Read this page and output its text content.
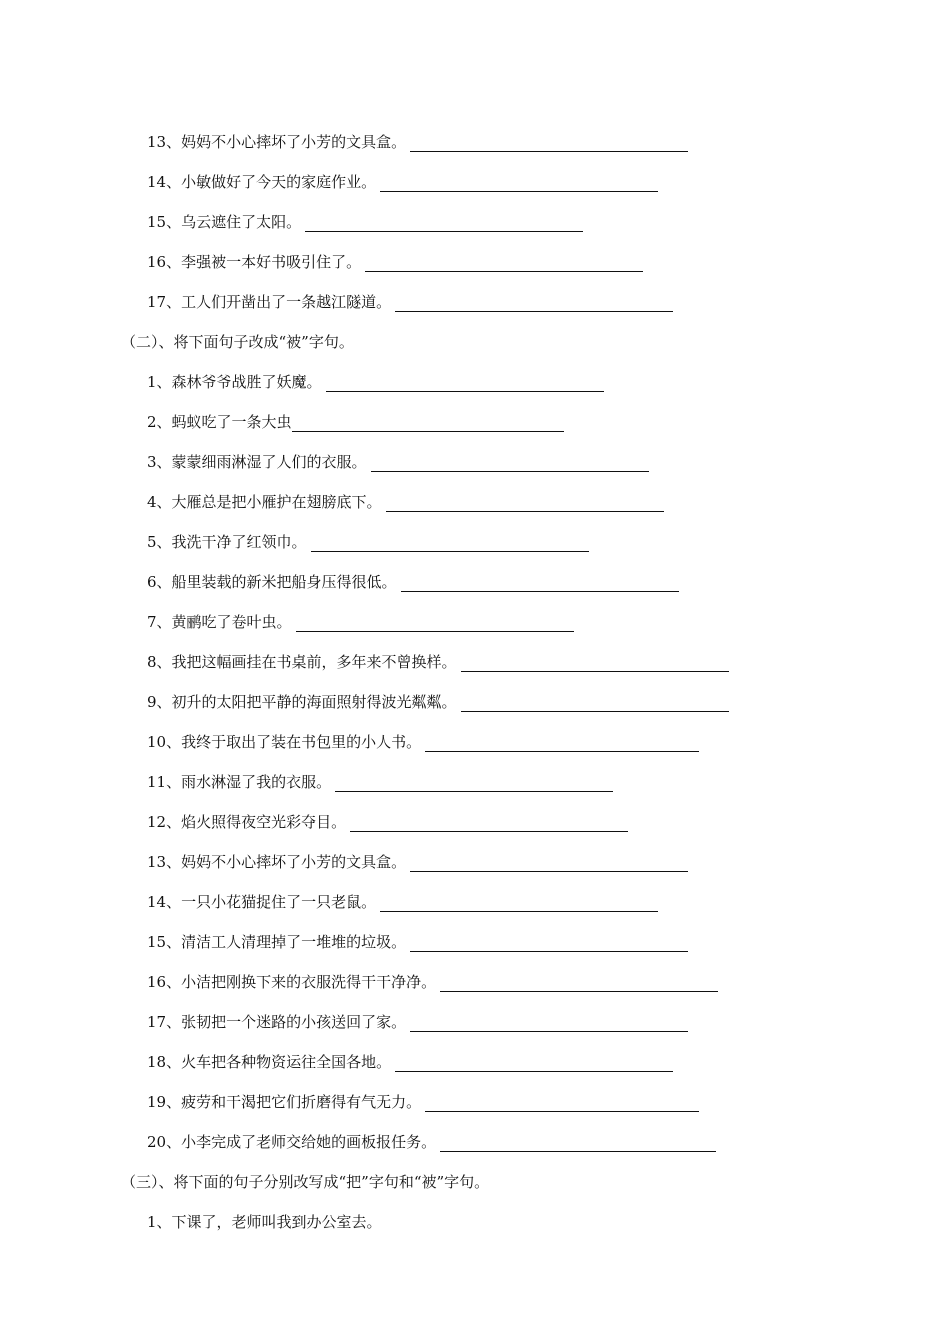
13、妈妈不小心摔坏了小芳的文具盒。
14、小敏做好了今天的家庭作业。
15、乌云遮住了太阳。
16、李强被一本好书吸引住了。
17、工人们开凿出了一条越江隧道。
（二）、将下面句子改成“被”字句。
1、森林爷爷战胜了妖魔。
2、蚂蚁吃了一条大虫
3、蒙蒙细雨淋湿了人们的衣服。
4、大雁总是把小雁护在翅膀底下。
5、我洗干净了红领巾。
6、船里装载的新米把船身压得很低。
7、黄鹂吃了卷叶虫。
8、我把这幅画挂在书桌前，多年来不曾换样。
9、初升的太阳把平静的海面照射得波光粼粼。
10、我终于取出了装在书包里的小人书。
11、雨水淋湿了我的衣服。
12、焰火照得夜空光彩夺目。
13、妈妈不小心摔坏了小芳的文具盒。
14、一只小花猫捉住了一只老鼠。
15、清洁工人清理掉了一堆堆的垃圾。
16、小洁把刚换下来的衣服洗得干干净净。
17、张韧把一个迷路的小孩送回了家。
18、火车把各种物资运往全国各地。
19、疲劳和干渴把它们折磨得有气无力。
20、小李完成了老师交给她的画板报任务。
（三）、将下面的句子分别改写成“把”字句和“被”字句。
1、下课了，老师叫我到办公室去。
